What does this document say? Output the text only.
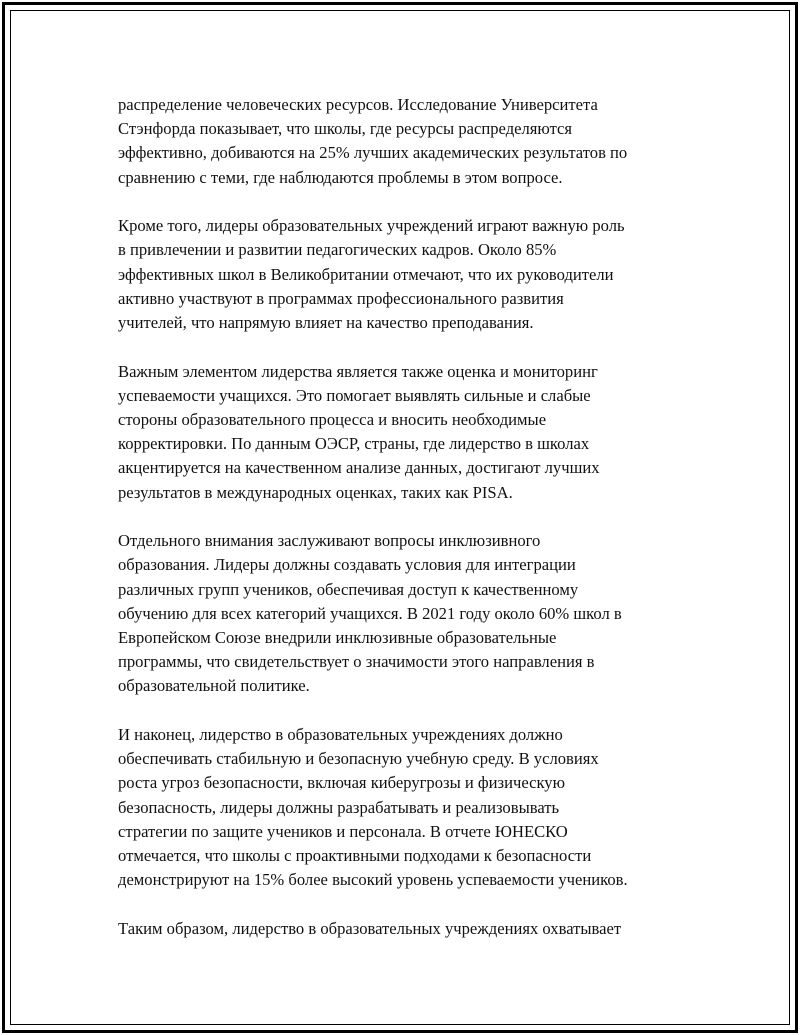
распределение человеческих ресурсов. Исследование Университета
Стэнфорда показывает, что школы, где ресурсы распределяются
эффективно, добиваются на 25% лучших академических результатов по
сравнению с теми, где наблюдаются проблемы в этом вопросе.

Кроме того, лидеры образовательных учреждений играют важную роль
в привлечении и развитии педагогических кадров. Около 85%
эффективных школ в Великобритании отмечают, что их руководители
активно участвуют в программах профессионального развития
учителей, что напрямую влияет на качество преподавания.

Важным элементом лидерства является также оценка и мониторинг
успеваемости учащихся. Это помогает выявлять сильные и слабые
стороны образовательного процесса и вносить необходимые
корректировки. По данным ОЭСР, страны, где лидерство в школах
акцентируется на качественном анализе данных, достигают лучших
результатов в международных оценках, таких как PISA.

Отдельного внимания заслуживают вопросы инклюзивного
образования. Лидеры должны создавать условия для интеграции
различных групп учеников, обеспечивая доступ к качественному
обучению для всех категорий учащихся. В 2021 году около 60% школ в
Европейском Союзе внедрили инклюзивные образовательные
программы, что свидетельствует о значимости этого направления в
образовательной политике.

И наконец, лидерство в образовательных учреждениях должно
обеспечивать стабильную и безопасную учебную среду. В условиях
роста угроз безопасности, включая киберугрозы и физическую
безопасность, лидеры должны разрабатывать и реализовывать
стратегии по защите учеников и персонала. В отчете ЮНЕСКО
отмечается, что школы с проактивными подходами к безопасности
демонстрируют на 15% более высокий уровень успеваемости учеников.

Таким образом, лидерство в образовательных учреждениях охватывает
